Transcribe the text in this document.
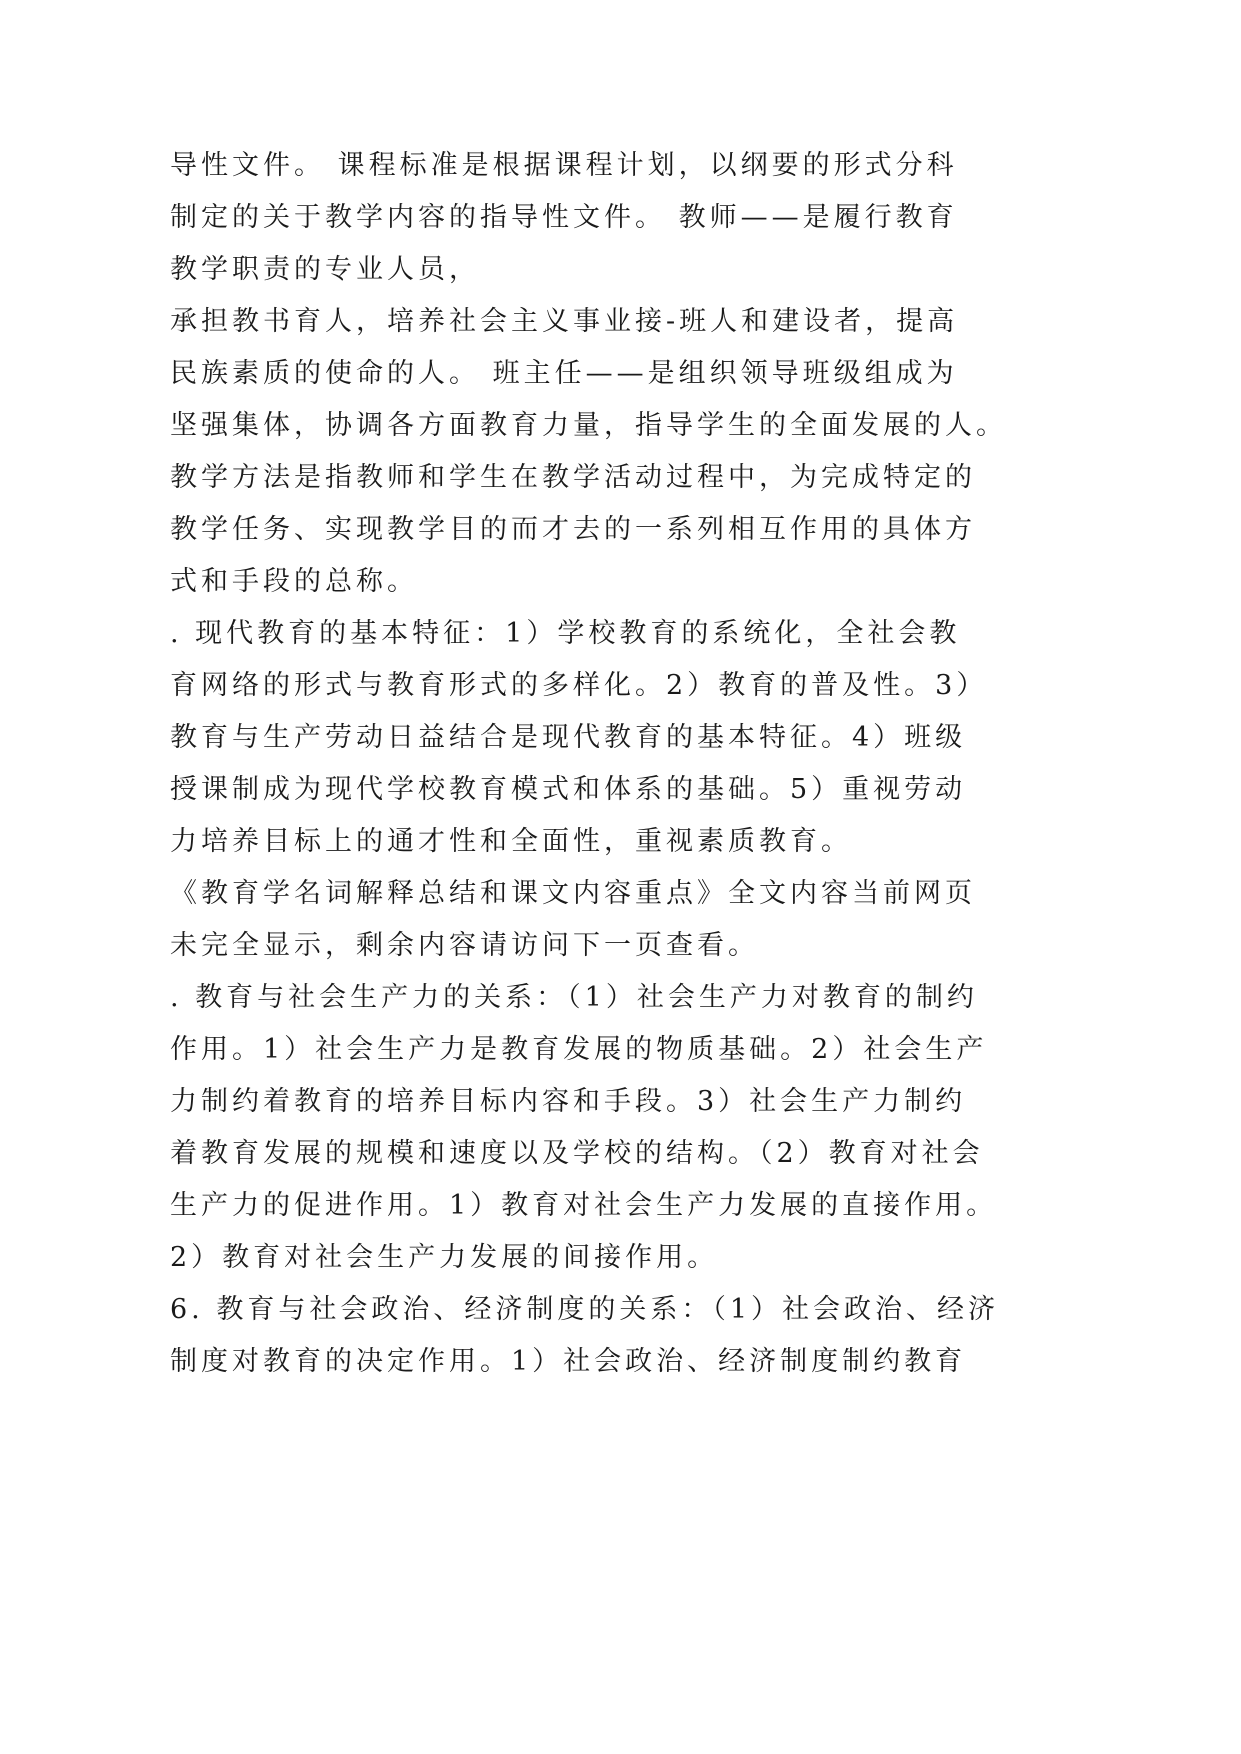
导性文件。 课程标准是根据课程计划，以纲要的形式分科
制定的关于教学内容的指导性文件。 教师——是履行教育
教学职责的专业人员，
承担教书育人，培养社会主义事业接-班人和建设者，提高
民族素质的使命的人。 班主任——是组织领导班级组成为
坚强集体，协调各方面教育力量，指导学生的全面发展的人。
教学方法是指教师和学生在教学活动过程中，为完成特定的
教学任务、实现教学目的而才去的一系列相互作用的具体方
式和手段的总称。
. 现代教育的基本特征：1）学校教育的系统化，全社会教
育网络的形式与教育形式的多样化。2）教育的普及性。3）
教育与生产劳动日益结合是现代教育的基本特征。4）班级
授课制成为现代学校教育模式和体系的基础。5）重视劳动
力培养目标上的通才性和全面性，重视素质教育。
《教育学名词解释总结和课文内容重点》全文内容当前网页
未完全显示，剩余内容请访问下一页查看。
. 教育与社会生产力的关系：（1）社会生产力对教育的制约
作用。1）社会生产力是教育发展的物质基础。2）社会生产
力制约着教育的培养目标内容和手段。3）社会生产力制约
着教育发展的规模和速度以及学校的结构。（2）教育对社会
生产力的促进作用。1）教育对社会生产力发展的直接作用。
2）教育对社会生产力发展的间接作用。
6. 教育与社会政治、经济制度的关系：（1）社会政治、经济
制度对教育的决定作用。1）社会政治、经济制度制约教育
